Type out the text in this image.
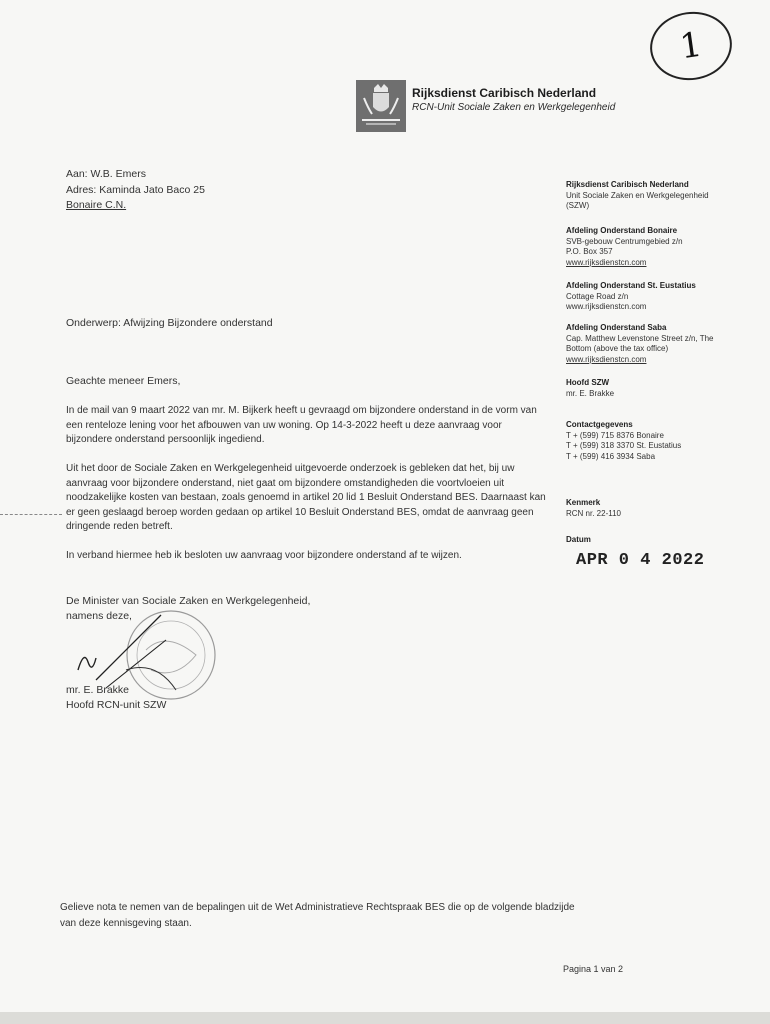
1
Rijksdienst Caribisch Nederland
RCN-Unit Sociale Zaken en Werkgelegenheid
Aan: W.B. Emers
Adres: Kaminda Jato Baco 25
Bonaire C.N.
Rijksdienst Caribisch Nederland
Unit Sociale Zaken en Werkgelegenheid
(SZW)
Afdeling Onderstand Bonaire
SVB-gebouw Centrumgebied z/n
P.O. Box 357
www.rijksdienstcn.com
Afdeling Onderstand St. Eustatius
Cottage Road z/n
www.rijksdienstcn.com
Afdeling Onderstand Saba
Cap. Matthew Levenstone Street z/n, The
Bottom (above the tax office)
www.rijksdienstcn.com
Hoofd SZW
mr. E. Brakke
Contactgegevens
T + (599) 715 8376 Bonaire
T + (599) 318 3370 St. Eustatius
T + (599) 416 3934 Saba
Kenmerk
RCN nr. 22-110
Datum
APR 0 4 2022
Onderwerp: Afwijzing Bijzondere onderstand
Geachte meneer Emers,
In de mail van 9 maart 2022 van mr. M. Bijkerk heeft u gevraagd om bijzondere onderstand in de vorm van een renteloze lening voor het afbouwen van uw woning. Op 14-3-2022 heeft u deze aanvraag voor bijzondere onderstand persoonlijk ingediend.
Uit het door de Sociale Zaken en Werkgelegenheid uitgevoerde onderzoek is gebleken dat het, bij uw aanvraag voor bijzondere onderstand, niet gaat om bijzondere omstandigheden die voortvloeien uit noodzakelijke kosten van bestaan, zoals genoemd in artikel 20 lid 1 Besluit Onderstand BES. Daarnaast kan er geen geslaagd beroep worden gedaan op artikel 10 Besluit Onderstand BES, omdat de aanvraag geen dringende reden betreft.
In verband hiermee heb ik besloten uw aanvraag voor bijzondere onderstand af te wijzen.
De Minister van Sociale Zaken en Werkgelegenheid,
namens deze,
mr. E. Brakke
Hoofd RCN-unit SZW
Gelieve nota te nemen van de bepalingen uit de Wet Administratieve Rechtspraak BES die op de volgende bladzijde van deze kennisgeving staan.
Pagina 1 van 2
